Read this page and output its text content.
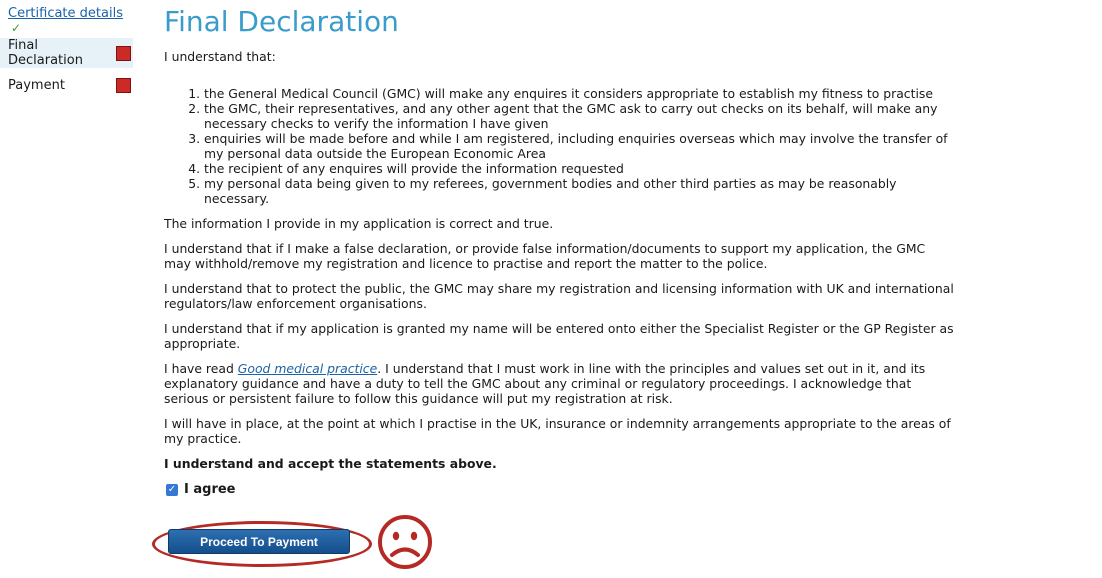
Certificate details ✓
Final Declaration
Payment
Final Declaration
I understand that:
1. the General Medical Council (GMC) will make any enquires it considers appropriate to establish my fitness to practise
2. the GMC, their representatives, and any other agent that the GMC ask to carry out checks on its behalf, will make any necessary checks to verify the information I have given
3. enquiries will be made before and while I am registered, including enquiries overseas which may involve the transfer of my personal data outside the European Economic Area
4. the recipient of any enquires will provide the information requested
5. my personal data being given to my referees, government bodies and other third parties as may be reasonably necessary.

The information I provide in my application is correct and true.

I understand that if I make a false declaration, or provide false information/documents to support my application, the GMC may withhold/remove my registration and licence to practise and report the matter to the police.

I understand that to protect the public, the GMC may share my registration and licensing information with UK and international regulators/law enforcement organisations.

I understand that if my application is granted my name will be entered onto either the Specialist Register or the GP Register as appropriate.

I have read Good medical practice. I understand that I must work in line with the principles and values set out in it, and its explanatory guidance and have a duty to tell the GMC about any criminal or regulatory proceedings. I acknowledge that serious or persistent failure to follow this guidance will put my registration at risk.

I will have in place, at the point at which I practise in the UK, insurance or indemnity arrangements appropriate to the areas of my practice.

I understand and accept the statements above.

✓ I agree
Proceed To Payment
